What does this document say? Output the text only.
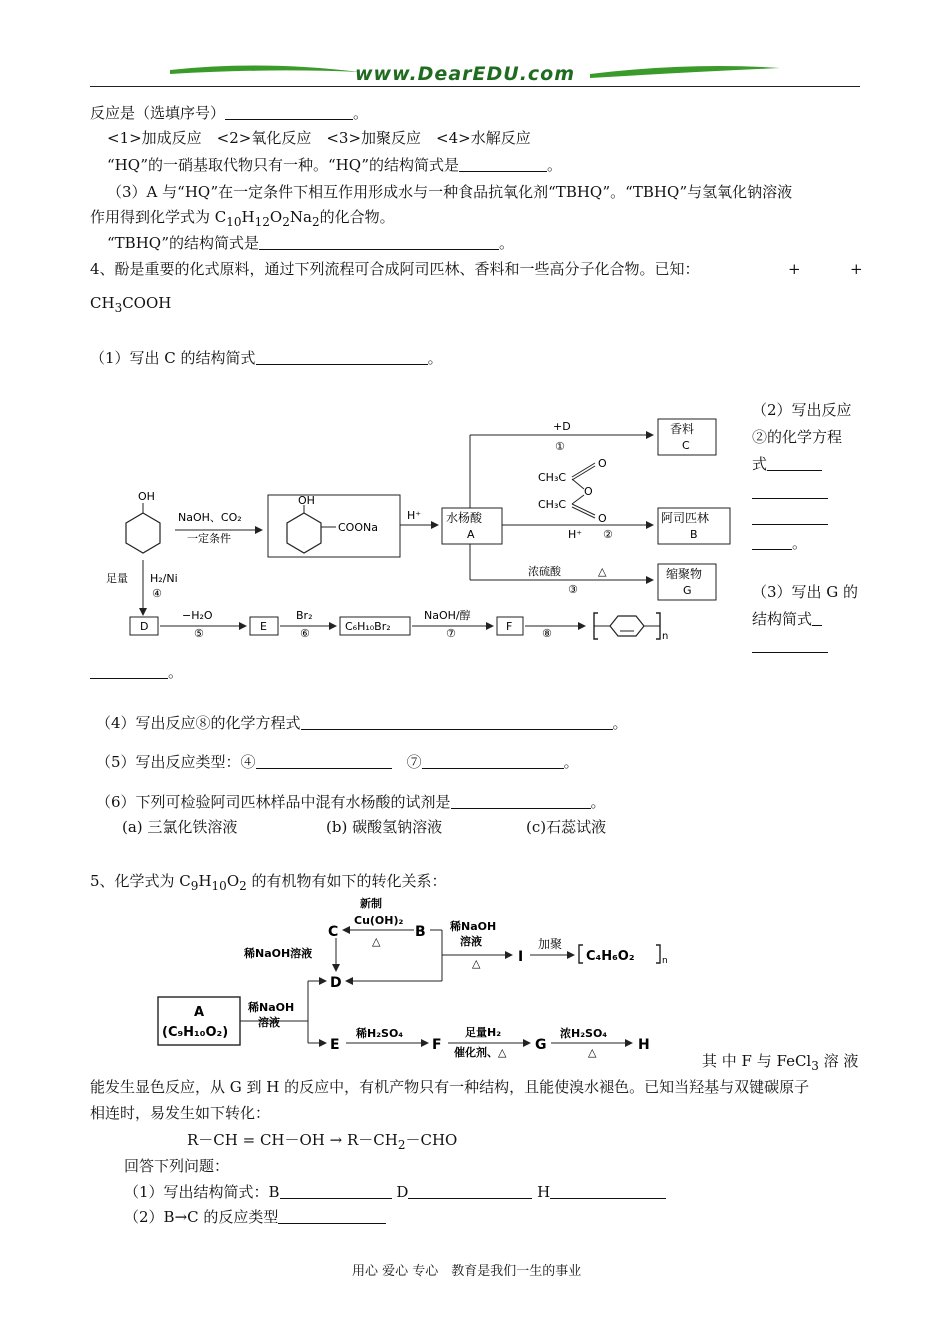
www.DearEDU.com
反应是（选填序号）	。
<1>加成反应　<2>氧化反应　<3>加聚反应　<4>水解反应
“HQ”的一硝基取代物只有一种。“HQ”的结构简式是	。
（3）A 与“HQ”在一定条件下相互作用形成水与一种食品抗氧化剂“TBHQ”。“TBHQ”与氢氧化钠溶液
作用得到化学式为 $C_{10}H_{12}O_2Na_2$的化合物。
“TBHQ”的结构简式是	。
4、酚是重要的化式原料，通过下列流程可合成阿司匹林、香料和一些高分子化合物。已知：	+	+
$CH_3COOH$
（1）写出 C 的结构简式	。
（2）写出反应
②的化学方程
式
。
（3）写出 G 的
结构简式
。
OH
NaOH、CO₂
一定条件
OH
COONa
H⁺ 水杨酸
A
+D
①
香料
C
CH₃C
CH₃C
O
O
O
H⁺ ②
阿司匹林
B
浓硫酸	△
③
缩聚物
G
足量 H₂/Ni
④
D
−H₂O
⑤
E
Br₂
⑥
C₆H₁₀Br₂
NaOH/醇
⑦
F
⑧	n
（4）写出反应⑧的化学方程式	。
（5）写出反应类型：④　	⑦	。
（6）下列可检验阿司匹林样品中混有水杨酸的试剂是	。
(a) 三氯化铁溶液	(b) 碳酸氢钠溶液	(c)石蕊试液
5、化学式为 $C_9H_{10}O_2$ 的有机物有如下的转化关系：
C
新制
Cu(OH)₂
△
B 稀NaOH
溶液
△	I
加聚
C₄H₆O₂	n
稀NaOH溶液
D
A
(C₉H₁₀O₂)
稀NaOH
溶液
E
稀H₂SO₄
F
足量H₂
催化剂、△ G
浓H₂SO₄
△	H
其 中 F 与 FeCl$_3$ 溶 液
能发生显色反应，从 G 到 H 的反应中，有机产物只有一种结构，且能使溴水褪色。已知当羟基与双键碳原子
相连时，易发生如下转化：
$R-CH = CH-OH \to R-CH_2-CHO$
回答下列问题：
（1）写出结构简式：B	D	H
（2）B→C 的反应类型
用心 爱心 专心　教育是我们一生的事业
